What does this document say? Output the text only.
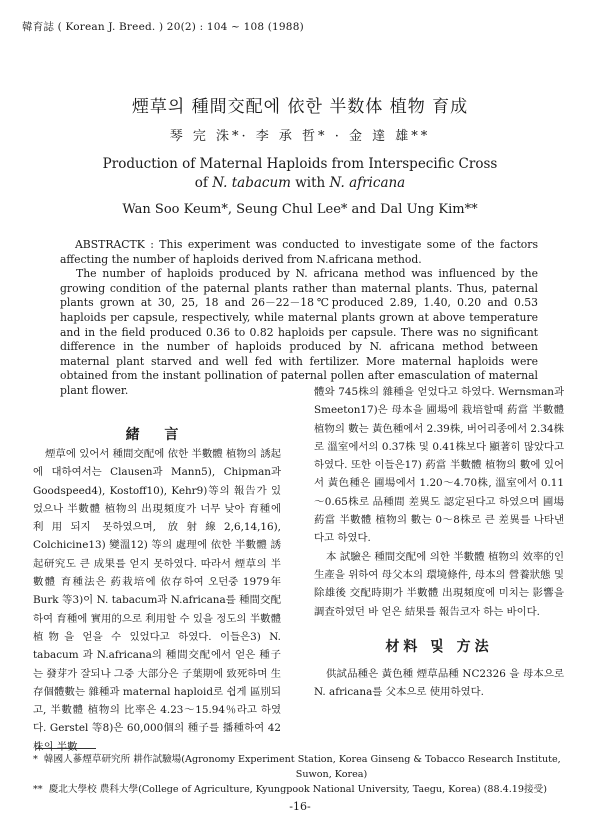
韓育誌 ( Korean J. Breed. ) 20(2) : 104 ~ 108 (1988)
煙草의 種間交配에 依한 半数体 植物 育成
琴 完 洙*· 李 承 哲* · 金 達 雄**
Production of Maternal Haploids from Interspecific Cross
of N. tabacum with N. africana
Wan Soo Keum*, Seung Chul Lee* and Dal Ung Kim**

ABSTRACTK : This experiment was conducted to investigate some of the factors affecting the number of haploids derived from N.africana method.

The number of haploids produced by N. africana method was influenced by the growing condition of the paternal plants rather than maternal plants. Thus, paternal plants grown at 30, 25, 18 and 26－22－18℃produced 2.89, 1.40, 0.20 and 0.53 haploids per capsule, respectively, while maternal plants grown at above temperature and in the field produced 0.36 to 0.82 haploids per capsule. There was no significant difference in the number of haploids produced by N. africana method between maternal plant starved and well fed with fertilizer. More maternal haploids were obtained from the instant pollination of paternal pollen after emasculation of maternal plant flower.

緒 言

煙草에 있어서 種間交配에 依한 半數體 植物의 誘起에 대하여서는 Clausen과 Mann5), Chipman과 Goodspeed4), Kostoff10), Kehr9)等의 報告가 있었으나 半數體 植物의 出現頻度가 너무 낮아 育種에 利用되지 못하였으며, 放射線2,6,14,16), Colchicine13) 變溫12) 等의 處理에 依한 半數體 誘起研究도 큰 成果를 얻지 못하였다. 따라서 煙草의 半數體 育種法은 葯栽培에 依存하여 오던중 1979年 Burk 等3)이 N. tabacum과 N.africana를 種間交配하여 育種에 實用的으로 利用할 수 있을 정도의 半數體 植物을 얻을 수 있었다고 하였다. 이들은3) N. tabacum 과 N.africana의 種間交配에서 얻은 種子는 發芽가 잘되나 그중 大部分은 子葉期에 致死하며 生存個體數는 雜種과 maternal haploid로 쉽게 區別되고, 半數體 植物의 比率은 4.23～15.94％라고 하였다. Gerstel 等8)은 60,000個의 種子를 播種하여 42株의 半數

體와 745株의 雜種을 얻었다고 하였다. Wernsman과 Smeeton17)은 母本을 圃場에 栽培할때 葯當 半數體 植物의 數는 黃色種에서 2.39株, 버어리종에서 2.34株로 溫室에서의 0.37株 및 0.41株보다 顯著히 많았다고 하였다. 또한 이들은17) 葯當 半數體 植物의 數에 있어서 黃色種은 圃場에서 1.20～4.70株, 溫室에서 0.11～0.65株로 品種間 差異도 認定된다고 하였으며 圃場 葯當 半數體 植物의 數는 0～8株로 큰 差異를 나타낸다고 하였다.

本 試驗은 種間交配에 의한 半數體 植物의 效率的인 生產을 위하여 母父本의 環境條件, 母本의 營養狀態 및 除雄後 交配時期가 半數體 出現頻度에 미치는 影響을 調査하였던 바 얻은 結果를 報告코자 하는 바이다.

材料 및 方法

供試品種은 黃色種 煙草品種 NC2326 을 母本으로 N. africana를 父本으로 使用하였다.

* 韓國人蔘煙草研究所 耕作試驗場(Agronomy Experiment Station, Korea Ginseng & Tobacco Research Institute,

Suwon, Korea)

** 慶北大學校 農科大學(College of Agriculture, Kyungpook National University, Taegu, Korea) (88.4.19接受)

-16-
